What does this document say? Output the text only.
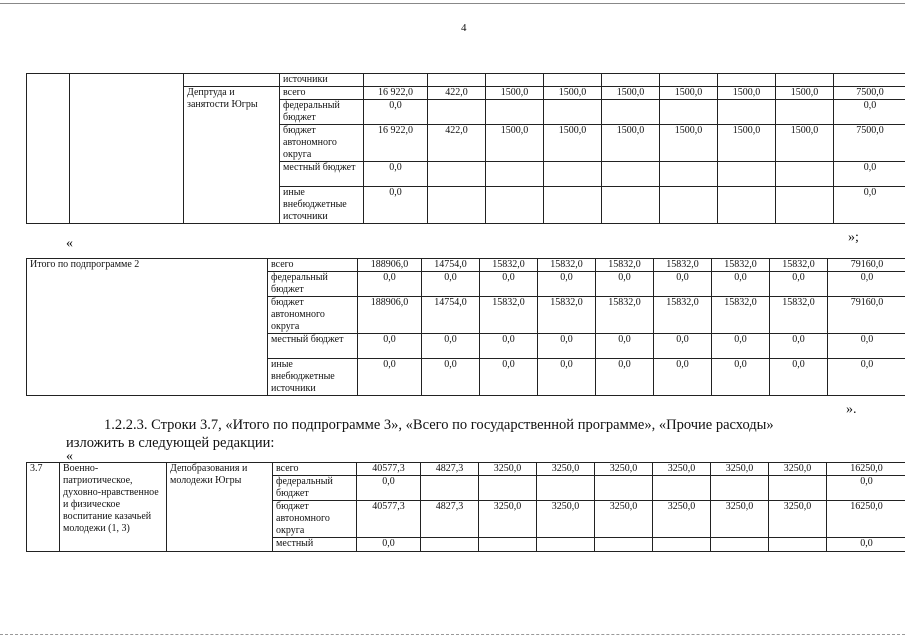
4
			источники									
		Депртуда и занятости Югры	всего	16 922,0	422,0	1500,0	1500,0	1500,0	1500,0	1500,0	1500,0	7500,0
			федеральный бюджет	0,0								0,0
			бюджет автономного округа	16 922,0	422,0	1500,0	1500,0	1500,0	1500,0	1500,0	1500,0	7500,0
			местный бюджет	0,0								0,0
			иные внебюджетные источники	0,0								0,0
«	»;
Итого по подпрограмме 2	всего	188906,0	14754,0	15832,0	15832,0	15832,0	15832,0	15832,0	15832,0	79160,0
	федеральный бюджет	0,0	0,0	0,0	0,0	0,0	0,0	0,0	0,0	0,0
	бюджет автономного округа	188906,0	14754,0	15832,0	15832,0	15832,0	15832,0	15832,0	15832,0	79160,0
	местный бюджет	0,0	0,0	0,0	0,0	0,0	0,0	0,0	0,0	0,0
	иные внебюджетные источники	0,0	0,0	0,0	0,0	0,0	0,0	0,0	0,0	0,0
».
1.2.2.3. Строки 3.7, «Итого по подпрограмме 3», «Всего по государственной программе», «Прочие расходы»
изложить в следующей редакции:
«
3.7	Военно-патриотическое, духовно-нравственное и физическое воспитание казачьей молодежи (1, 3)	Депобразования и молодежи Югры	всего	40577,3	4827,3	3250,0	3250,0	3250,0	3250,0	3250,0	3250,0	16250,0
			федеральный бюджет	0,0								0,0
			бюджет автономного округа	40577,3	4827,3	3250,0	3250,0	3250,0	3250,0	3250,0	3250,0	16250,0
			местный	0,0								0,0
